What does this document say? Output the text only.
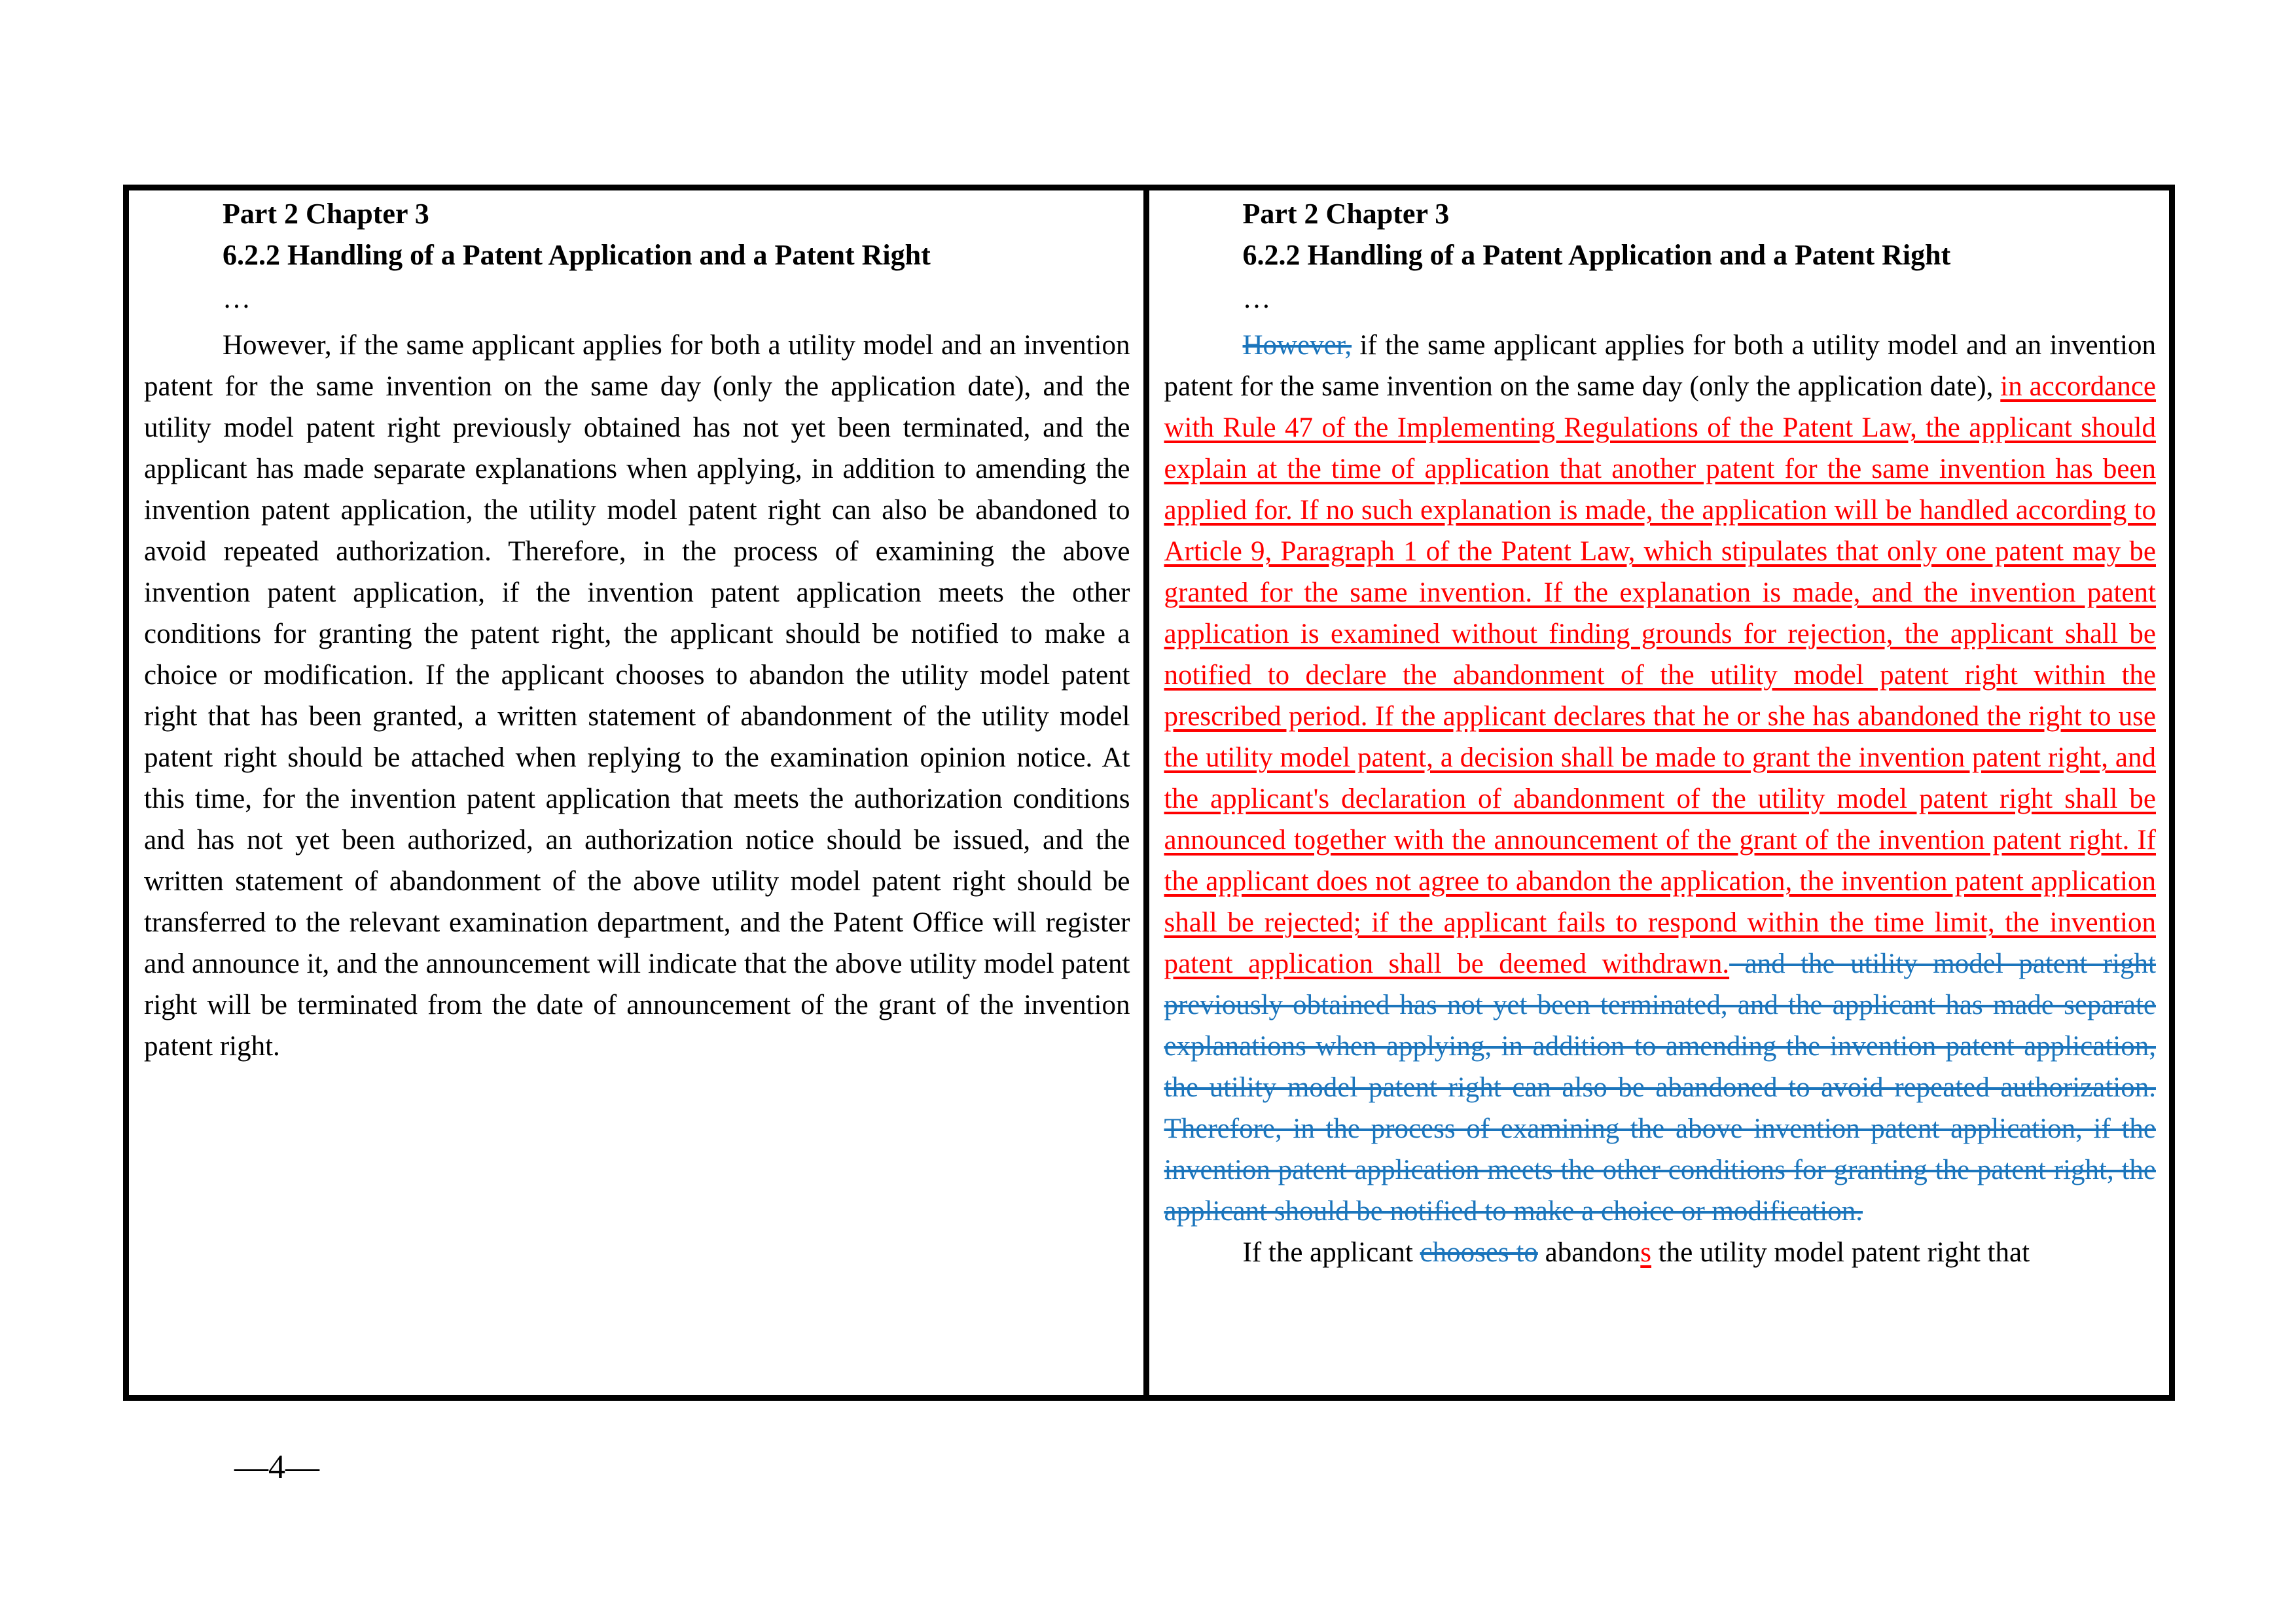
Part 2 Chapter 3

6.2.2 Handling of a Patent Application and a Patent Right

…

However, if the same applicant applies for both a utility model and an invention patent for the same invention on the same day (only the application date), and the utility model patent right previously obtained has not yet been terminated, and the applicant has made separate explanations when applying, in addition to amending the invention patent application, the utility model patent right can also be abandoned to avoid repeated authorization. Therefore, in the process of examining the above invention patent application, if the invention patent application meets the other conditions for granting the patent right, the applicant should be notified to make a choice or modification. If the applicant chooses to abandon the utility model patent right that has been granted, a written statement of abandonment of the utility model patent right should be attached when replying to the examination opinion notice. At this time, for the invention patent application that meets the authorization conditions and has not yet been authorized, an authorization notice should be issued, and the written statement of abandonment of the above utility model patent right should be transferred to the relevant examination department, and the Patent Office will register and announce it, and the announcement will indicate that the above utility model patent right will be terminated from the date of announcement of the grant of the invention patent right.

Part 2 Chapter 3

6.2.2 Handling of a Patent Application and a Patent Right

…

However, if the same applicant applies for both a utility model and an invention patent for the same invention on the same day (only the application date), in accordance with Rule 47 of the Implementing Regulations of the Patent Law, the applicant should explain at the time of application that another patent for the same invention has been applied for. If no such explanation is made, the application will be handled according to Article 9, Paragraph 1 of the Patent Law, which stipulates that only one patent may be granted for the same invention. If the explanation is made, and the invention patent application is examined without finding grounds for rejection, the applicant shall be notified to declare the abandonment of the utility model patent right within the prescribed period. If the applicant declares that he or she has abandoned the right to use the utility model patent, a decision shall be made to grant the invention patent right, and the applicant's declaration of abandonment of the utility model patent right shall be announced together with the announcement of the grant of the invention patent right. If the applicant does not agree to abandon the application, the invention patent application shall be rejected; if the applicant fails to respond within the time limit, the invention patent application shall be deemed withdrawn. and the utility model patent right previously obtained has not yet been terminated, and the applicant has made separate explanations when applying, in addition to amending the invention patent application, the utility model patent right can also be abandoned to avoid repeated authorization. Therefore, in the process of examining the above invention patent application, if the invention patent application meets the other conditions for granting the patent right, the applicant should be notified to make a choice or modification.

If the applicant chooses to abandons the utility model patent right that

—4—
